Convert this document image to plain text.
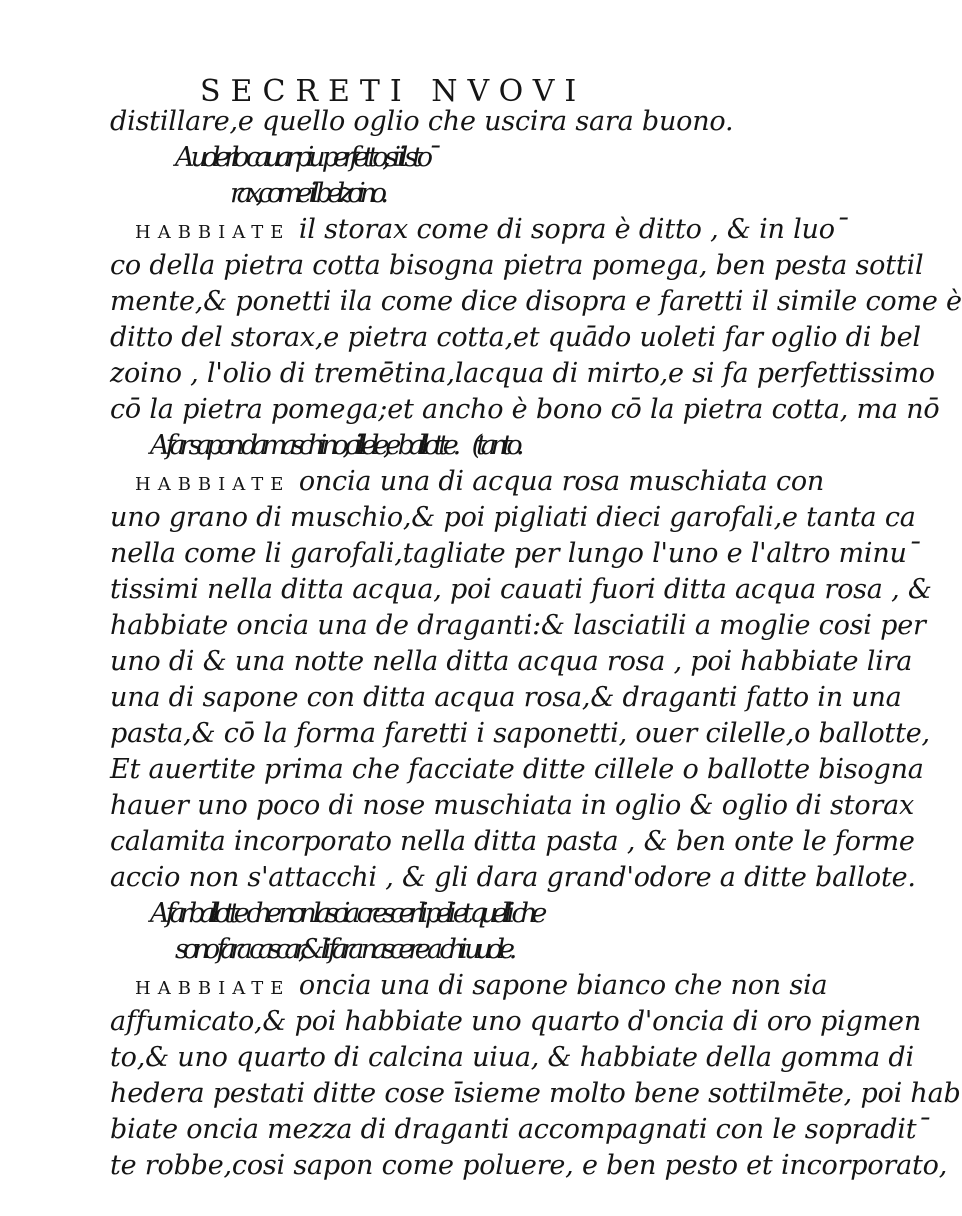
SECRETI NVOVI
distillare,e quello oglio che uscira sara buono.
A uolerlo cauar piu perfetto,si il stoˉ
rax,come il belzoino.
HABBIATE il storax come di sopra è ditto , & in luoˉ
co della pietra cotta bisogna pietra pomega, ben pesta sottil
mente,& ponetti ila come dice disopra e faretti il simile come è
ditto del storax,e pietra cotta,et quādo uoleti far oglio di bel
zoino , l'olio di tremētina,lacqua di mirto,e si fa perfettissimo
cō la pietra pomega;et ancho è bono cō la pietra cotta, ma nō
A far sapon damaschino,cillele,e ballotte.       (tanto.
HABBIATE oncia una di acqua rosa muschiata con
uno grano di muschio,& poi pigliati dieci garofali,e tanta ca
nella come li garofali,tagliate per lungo l'uno e l'altro minuˉ
tissimi nella ditta acqua, poi cauati fuori ditta acqua rosa , &
habbiate oncia una de draganti:& lasciatili a moglie cosi per
uno di & una notte nella ditta acqua rosa , poi habbiate lira
una di sapone con ditta acqua rosa,& draganti fatto in una
pasta,& cō la forma faretti i saponetti, ouer cilelle,o ballotte,
Et auertite prima che facciate ditte cillele o ballotte bisogna
hauer uno poco di nose muschiata in oglio & oglio di storax
calamita incorporato nella ditta pasta , & ben onte le forme
accio non s'attacchi , & gli dara grand'odore a ditte ballote.
A far ballotte che non lascia crescer li peli et quelli che
sono fara cascar,& li fara nascere a chi uuole.
HABBIATE oncia una di sapone bianco che non sia
affumicato,& poi habbiate uno quarto d'oncia di oro pigmen
to,& uno quarto di calcina uiua, & habbiate della gomma di
hedera pestati ditte cose īsieme molto bene sottilmēte, poi hab
biate oncia mezza di draganti accompagnati con le sopraditˉ
te robbe,cosi sapon come poluere, e ben pesto et incorporato,
